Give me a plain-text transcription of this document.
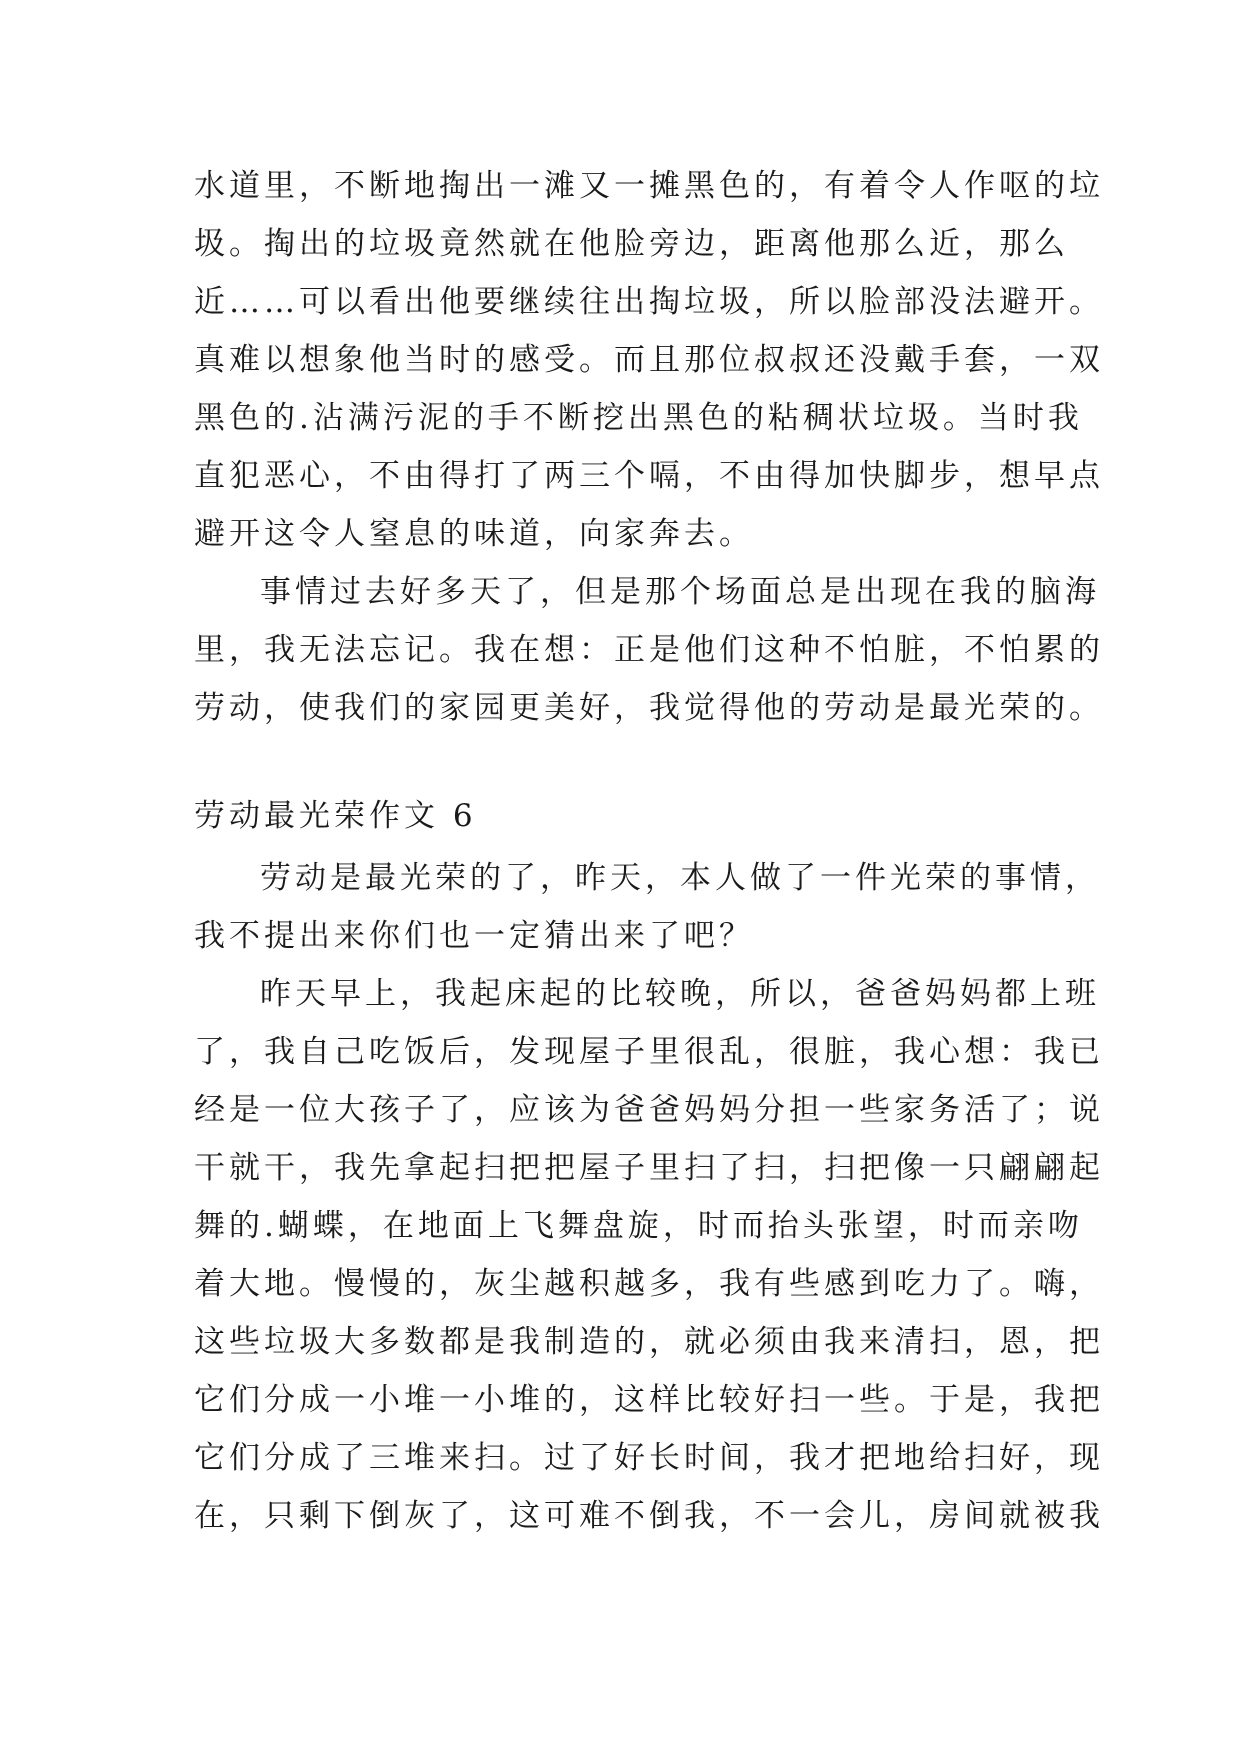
水道里，不断地掏出一滩又一摊黑色的，有着令人作呕的垃
圾。掏出的垃圾竟然就在他脸旁边，距离他那么近，那么
近……可以看出他要继续往出掏垃圾，所以脸部没法避开。
真难以想象他当时的感受。而且那位叔叔还没戴手套，一双
黑色的.沾满污泥的手不断挖出黑色的粘稠状垃圾。当时我
直犯恶心，不由得打了两三个嗝，不由得加快脚步，想早点
避开这令人窒息的味道，向家奔去。
事情过去好多天了，但是那个场面总是出现在我的脑海
里，我无法忘记。我在想：正是他们这种不怕脏，不怕累的
劳动，使我们的家园更美好，我觉得他的劳动是最光荣的。
劳动最光荣作文 6
劳动是最光荣的了，昨天，本人做了一件光荣的事情，
我不提出来你们也一定猜出来了吧？
昨天早上，我起床起的比较晚，所以，爸爸妈妈都上班
了，我自己吃饭后，发现屋子里很乱，很脏，我心想：我已
经是一位大孩子了，应该为爸爸妈妈分担一些家务活了；说
干就干，我先拿起扫把把屋子里扫了扫，扫把像一只翩翩起
舞的.蝴蝶，在地面上飞舞盘旋，时而抬头张望，时而亲吻
着大地。慢慢的，灰尘越积越多，我有些感到吃力了。嗨，
这些垃圾大多数都是我制造的，就必须由我来清扫，恩，把
它们分成一小堆一小堆的，这样比较好扫一些。于是，我把
它们分成了三堆来扫。过了好长时间，我才把地给扫好，现
在，只剩下倒灰了，这可难不倒我，不一会儿，房间就被我
